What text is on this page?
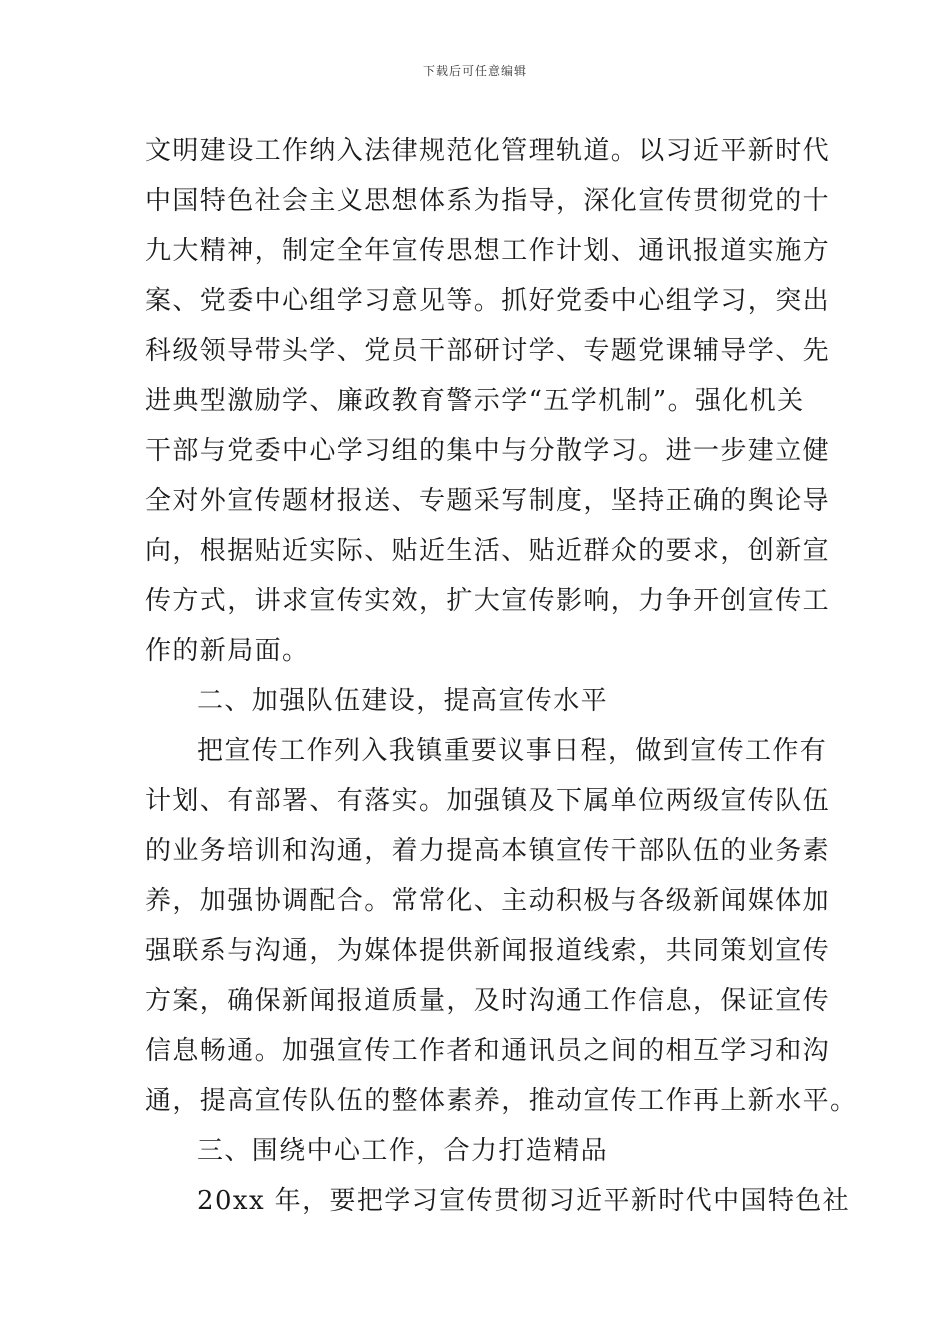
下载后可任意编辑
文明建设工作纳入法律规范化管理轨道。以习近平新时代
中国特色社会主义思想体系为指导，深化宣传贯彻党的十
九大精神，制定全年宣传思想工作计划、通讯报道实施方
案、党委中心组学习意见等。抓好党委中心组学习，突出
科级领导带头学、党员干部研讨学、专题党课辅导学、先
进典型激励学、廉政教育警示学“五学机制”。强化机关
干部与党委中心学习组的集中与分散学习。进一步建立健
全对外宣传题材报送、专题采写制度，坚持正确的舆论导
向，根据贴近实际、贴近生活、贴近群众的要求，创新宣
传方式，讲求宣传实效，扩大宣传影响，力争开创宣传工
作的新局面。
二、加强队伍建设，提高宣传水平
把宣传工作列入我镇重要议事日程，做到宣传工作有
计划、有部署、有落实。加强镇及下属单位两级宣传队伍
的业务培训和沟通，着力提高本镇宣传干部队伍的业务素
养，加强协调配合。常常化、主动积极与各级新闻媒体加
强联系与沟通，为媒体提供新闻报道线索，共同策划宣传
方案，确保新闻报道质量，及时沟通工作信息，保证宣传
信息畅通。加强宣传工作者和通讯员之间的相互学习和沟
通，提高宣传队伍的整体素养，推动宣传工作再上新水平。
三、围绕中心工作，合力打造精品
20xx 年，要把学习宣传贯彻习近平新时代中国特色社
